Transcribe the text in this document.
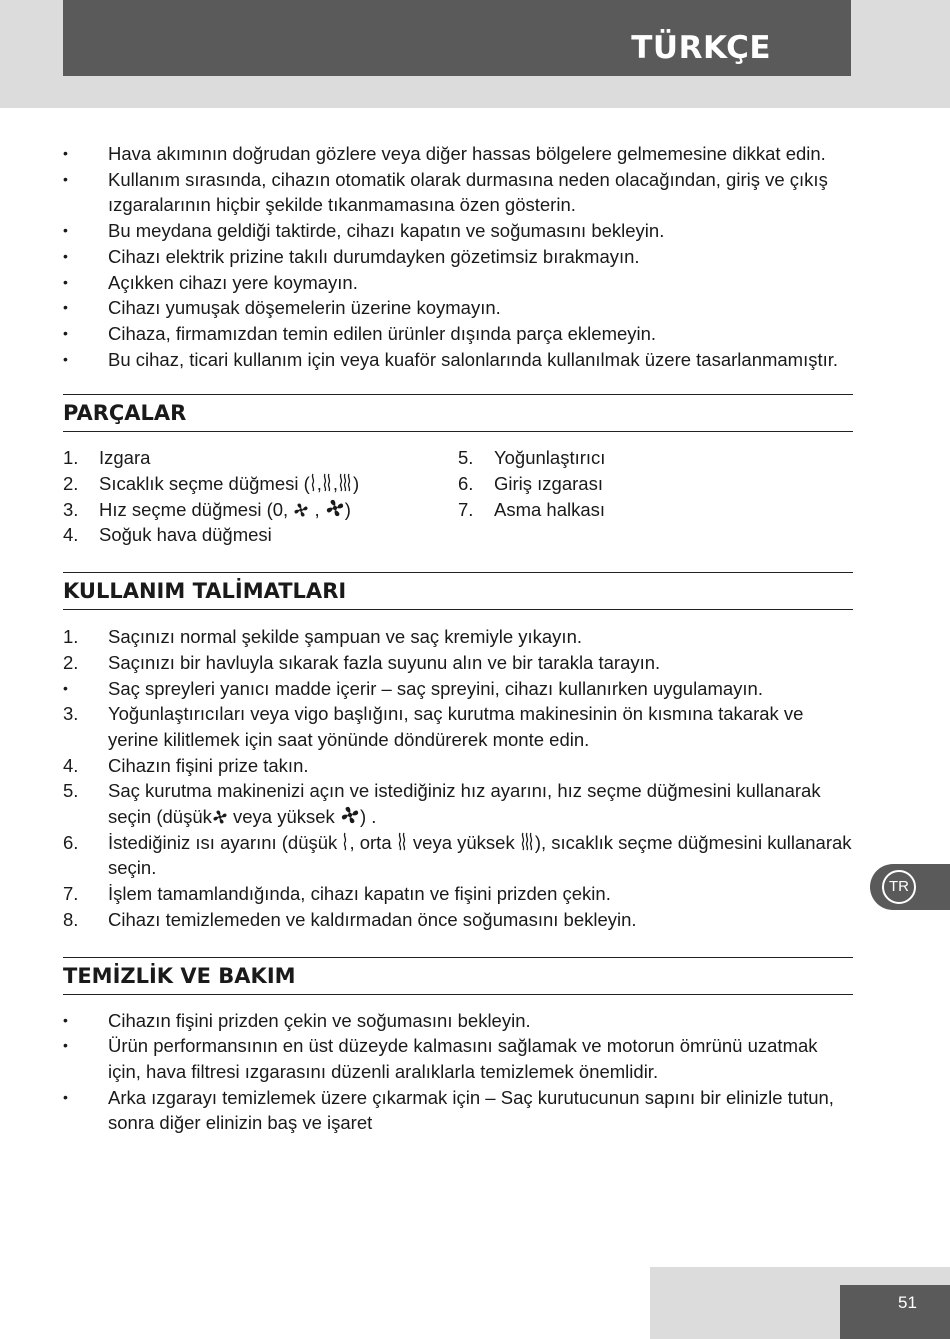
TÜRKÇE
•	Hava akımının doğrudan gözlere veya diğer hassas bölgelere gelmemesine dikkat edin.
•	Kullanım sırasında, cihazın otomatik olarak durmasına neden olacağından, giriş ve çıkış ızgaralarının hiçbir şekilde tıkanmamasına özen gösterin.
•	Bu meydana geldiği taktirde, cihazı kapatın ve soğumasını bekleyin.
•	Cihazı elektrik prizine takılı durumdayken gözetimsiz bırakmayın.
•	Açıkken cihazı yere koymayın.
•	Cihazı yumuşak döşemelerin üzerine koymayın.
•	Cihaza, firmamızdan temin edilen ürünler dışında parça eklemeyin.
•	Bu cihaz, ticari kullanım için veya kuaför salonlarında kullanılmak üzere tasarlanmamıştır.
PARÇALAR
1.	Izgara
2.	Sıcaklık seçme düğmesi ( , , )
3.	Hız seçme düğmesi (0,  , )
4.	Soğuk hava düğmesi
5.	Yoğunlaştırıcı
6.	Giriş ızgarası
7.	Asma halkası
KULLANIM TALİMATLARI
1.	Saçınızı normal şekilde şampuan ve saç kremiyle yıkayın.
2.	Saçınızı bir havluyla sıkarak fazla suyunu alın ve bir tarakla tarayın.
•	Saç spreyleri yanıcı madde içerir – saç spreyini, cihazı kullanırken uygulamayın.
3.	Yoğunlaştırıcıları veya vigo başlığını, saç kurutma makinesinin ön kısmına takarak ve yerine kilitlemek için saat yönünde döndürerek monte edin.
4.	Cihazın fişini prize takın.
5.	Saç kurutma makinenizi açın ve istediğiniz hız ayarını, hız seçme düğmesini kullanarak seçin (düşük veya yüksek ) .
6.	İstediğiniz ısı ayarını (düşük , orta  veya yüksek ), sıcaklık seçme düğmesini kullanarak seçin.
7.	İşlem tamamlandığında, cihazı kapatın ve fişini prizden çekin.
8.	Cihazı temizlemeden ve kaldırmadan önce soğumasını bekleyin.
TEMİZLİK VE BAKIM
•	Cihazın fişini prizden çekin ve soğumasını bekleyin.
•	Ürün performansının en üst düzeyde kalmasını sağlamak ve motorun ömrünü uzatmak için, hava filtresi ızgarasını düzenli aralıklarla temizlemek önemlidir.
•	Arka ızgarayı temizlemek üzere çıkarmak için – Saç kurutucunun sapını bir elinizle tutun, sonra diğer elinizin baş ve işaret
TR
51
